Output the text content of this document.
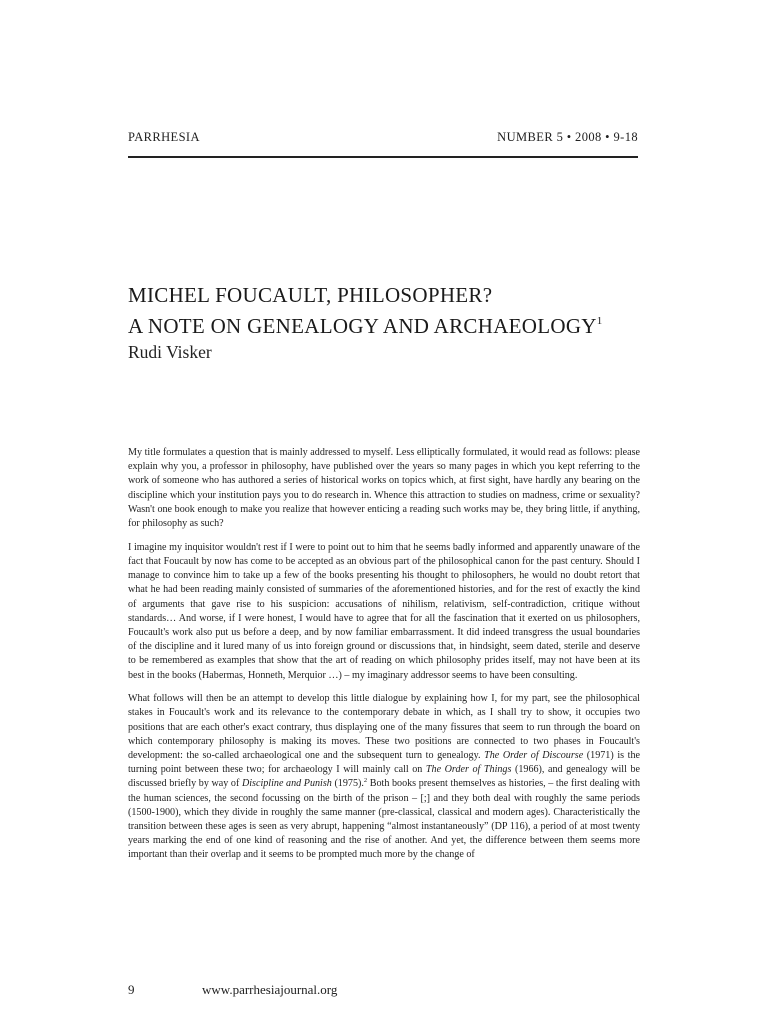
PARRHESIA	NUMBER 5 • 2008 • 9-18
MICHEL FOUCAULT, PHILOSOPHER?
A NOTE ON GENEALOGY AND ARCHAEOLOGY$^1$
Rudi Visker

My title formulates a question that is mainly addressed to myself. Less elliptically formulated, it would read as follows: please explain why you, a professor in philosophy, have published over the years so many pages in which you kept referring to the work of someone who has authored a series of historical works on topics which, at first sight, have hardly any bearing on the discipline which your institution pays you to do research in. Whence this attraction to studies on madness, crime or sexuality? Wasn't one book enough to make you realize that however enticing a reading such works may be, they bring little, if anything, for philosophy as such?

I imagine my inquisitor wouldn't rest if I were to point out to him that he seems badly informed and apparently unaware of the fact that Foucault by now has come to be accepted as an obvious part of the philosophical canon for the past century. Should I manage to convince him to take up a few of the books presenting his thought to philosophers, he would no doubt retort that what he had been reading mainly consisted of summaries of the aforementioned histories, and for the rest of exactly the kind of arguments that gave rise to his suspicion: accusations of nihilism, relativism, self-contradiction, critique without standards… And worse, if I were honest, I would have to agree that for all the fascination that it exerted on us philosophers, Foucault's work also put us before a deep, and by now familiar embarrassment. It did indeed transgress the usual boundaries of the discipline and it lured many of us into foreign ground or discussions that, in hindsight, seem dated, sterile and deserve to be remembered as examples that show that the art of reading on which philosophy prides itself, may not have been at its best in the books (Habermas, Honneth, Merquior …) – my imaginary addressor seems to have been consulting.

What follows will then be an attempt to develop this little dialogue by explaining how I, for my part, see the philosophical stakes in Foucault's work and its relevance to the contemporary debate in which, as I shall try to show, it occupies two positions that are each other's exact contrary, thus displaying one of the many fissures that seem to run through the board on which contemporary philosophy is making its moves. These two positions are connected to two phases in Foucault's development: the so-called archaeological one and the subsequent turn to genealogy. The Order of Discourse (1971) is the turning point between these two; for archaeology I will mainly call on The Order of Things (1966), and genealogy will be discussed briefly by way of Discipline and Punish (1975).$^2$ Both books present themselves as histories, – the first dealing with the human sciences, the second focussing on the birth of the prison – [;] and they both deal with roughly the same periods (1500-1900), which they divide in roughly the same manner (pre-classical, classical and modern ages). Characteristically the transition between these ages is seen as very abrupt, happening “almost instantaneously” (DP 116), a period of at most twenty years marking the end of one kind of reasoning and the rise of another. And yet, the difference between them seems more important than their overlap and it seems to be prompted much more by the change of

9	www.parrhesiajournal.org
